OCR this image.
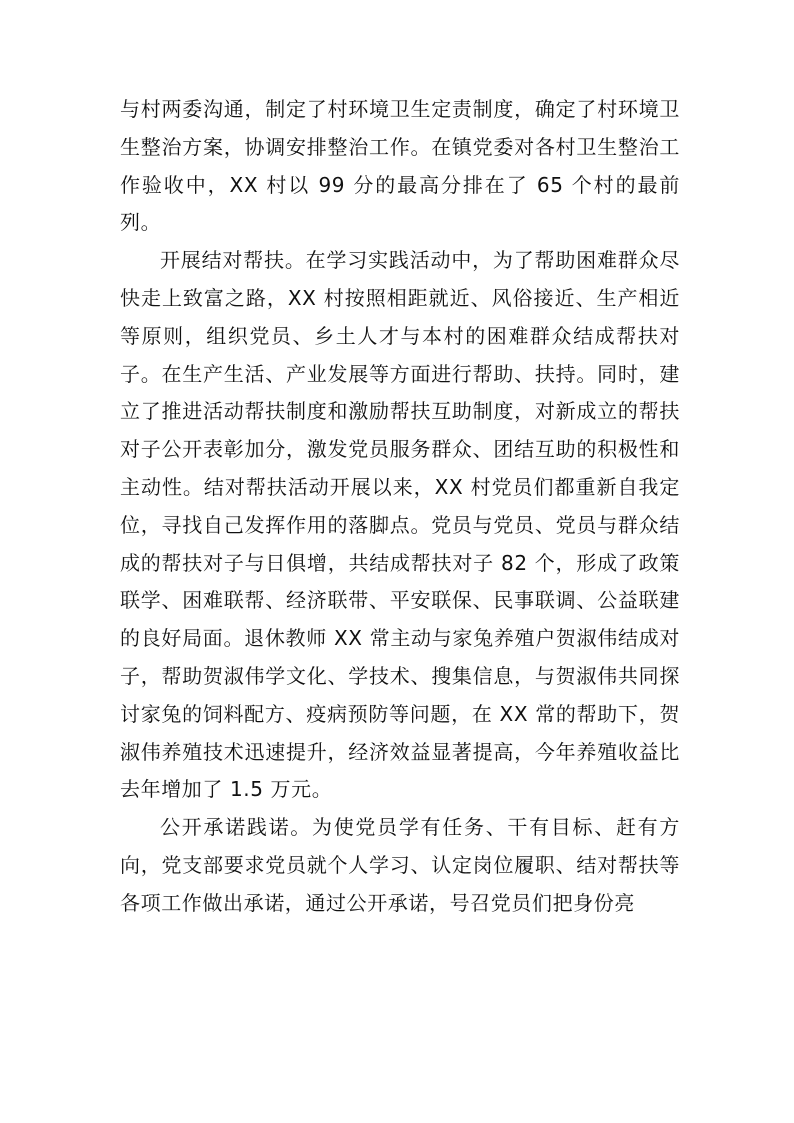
与村两委沟通，制定了村环境卫生定责制度，确定了村环境卫生整治方案，协调安排整治工作。在镇党委对各村卫生整治工作验收中，XX 村以 99 分的最高分排在了 65 个村的最前列。

开展结对帮扶。在学习实践活动中，为了帮助困难群众尽快走上致富之路，XX 村按照相距就近、风俗接近、生产相近等原则，组织党员、乡土人才与本村的困难群众结成帮扶对子。在生产生活、产业发展等方面进行帮助、扶持。同时，建立了推进活动帮扶制度和激励帮扶互助制度，对新成立的帮扶对子公开表彰加分，激发党员服务群众、团结互助的积极性和主动性。结对帮扶活动开展以来，XX 村党员们都重新自我定位，寻找自己发挥作用的落脚点。党员与党员、党员与群众结成的帮扶对子与日俱增，共结成帮扶对子 82 个，形成了政策联学、困难联帮、经济联带、平安联保、民事联调、公益联建的良好局面。退休教师 XX 常主动与家兔养殖户贺淑伟结成对子，帮助贺淑伟学文化、学技术、搜集信息，与贺淑伟共同探讨家兔的饲料配方、疫病预防等问题，在 XX 常的帮助下，贺淑伟养殖技术迅速提升，经济效益显著提高，今年养殖收益比去年增加了 1.5 万元。

公开承诺践诺。为使党员学有任务、干有目标、赶有方向，党支部要求党员就个人学习、认定岗位履职、结对帮扶等各项工作做出承诺，通过公开承诺，号召党员们把身份亮
